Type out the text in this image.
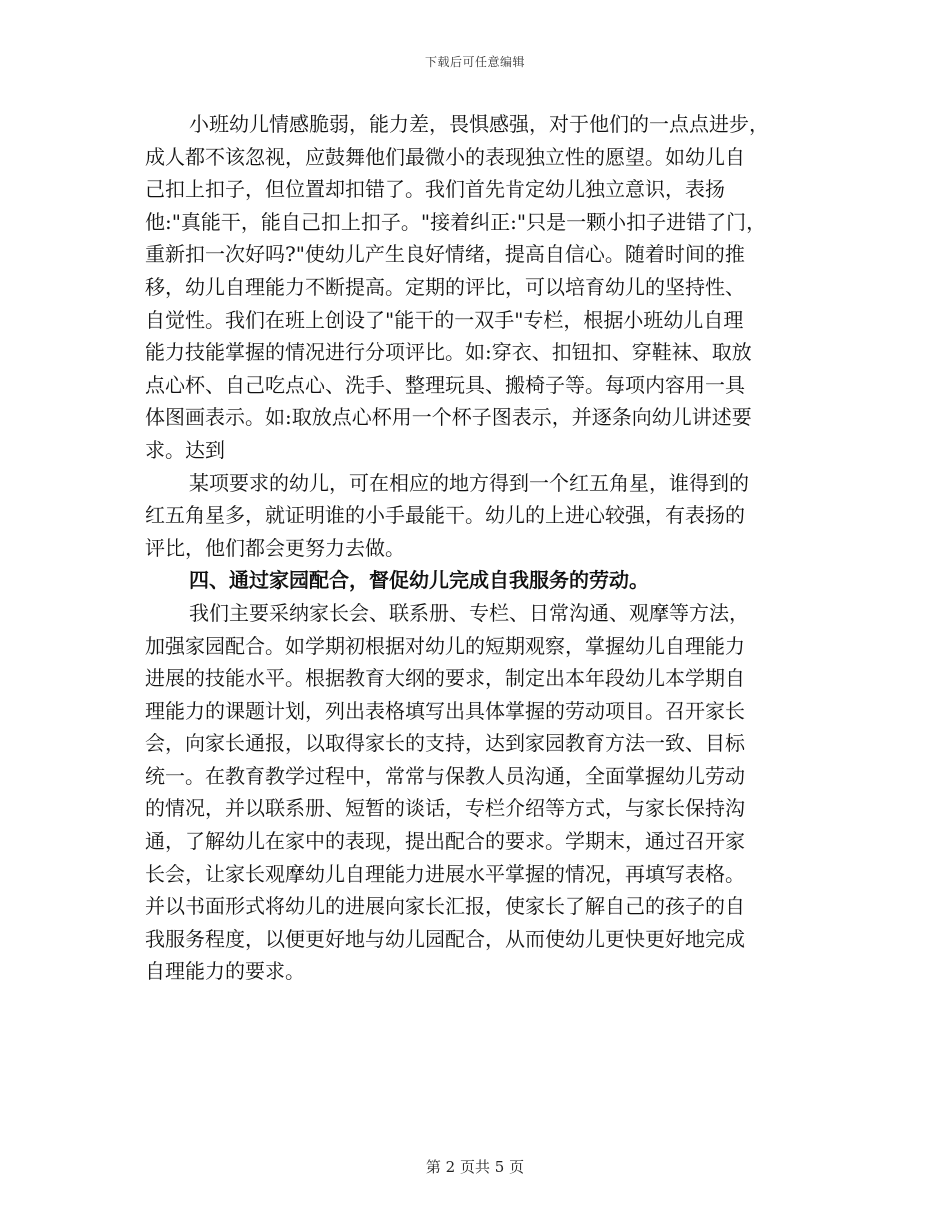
下载后可任意编辑
小班幼儿情感脆弱，能力差，畏惧感强，对于他们的一点点进步，
成人都不该忽视，应鼓舞他们最微小的表现独立性的愿望。如幼儿自
己扣上扣子，但位置却扣错了。我们首先肯定幼儿独立意识，表扬
他:"真能干，能自己扣上扣子。"接着纠正:"只是一颗小扣子进错了门，
重新扣一次好吗?"使幼儿产生良好情绪，提高自信心。随着时间的推
移，幼儿自理能力不断提高。定期的评比，可以培育幼儿的坚持性、
自觉性。我们在班上创设了"能干的一双手"专栏，根据小班幼儿自理
能力技能掌握的情况进行分项评比。如:穿衣、扣钮扣、穿鞋袜、取放
点心杯、自己吃点心、洗手、整理玩具、搬椅子等。每项内容用一具
体图画表示。如:取放点心杯用一个杯子图表示，并逐条向幼儿讲述要
求。达到
某项要求的幼儿，可在相应的地方得到一个红五角星，谁得到的
红五角星多，就证明谁的小手最能干。幼儿的上进心较强，有表扬的
评比，他们都会更努力去做。
四、通过家园配合，督促幼儿完成自我服务的劳动。
我们主要采纳家长会、联系册、专栏、日常沟通、观摩等方法，
加强家园配合。如学期初根据对幼儿的短期观察，掌握幼儿自理能力
进展的技能水平。根据教育大纲的要求，制定出本年段幼儿本学期自
理能力的课题计划，列出表格填写出具体掌握的劳动项目。召开家长
会，向家长通报，以取得家长的支持，达到家园教育方法一致、目标
统一。在教育教学过程中，常常与保教人员沟通，全面掌握幼儿劳动
的情况，并以联系册、短暂的谈话，专栏介绍等方式，与家长保持沟
通，了解幼儿在家中的表现，提出配合的要求。学期末，通过召开家
长会，让家长观摩幼儿自理能力进展水平掌握的情况，再填写表格。
并以书面形式将幼儿的进展向家长汇报，使家长了解自己的孩子的自
我服务程度，以便更好地与幼儿园配合，从而使幼儿更快更好地完成
自理能力的要求。
第 2 页共 5 页
